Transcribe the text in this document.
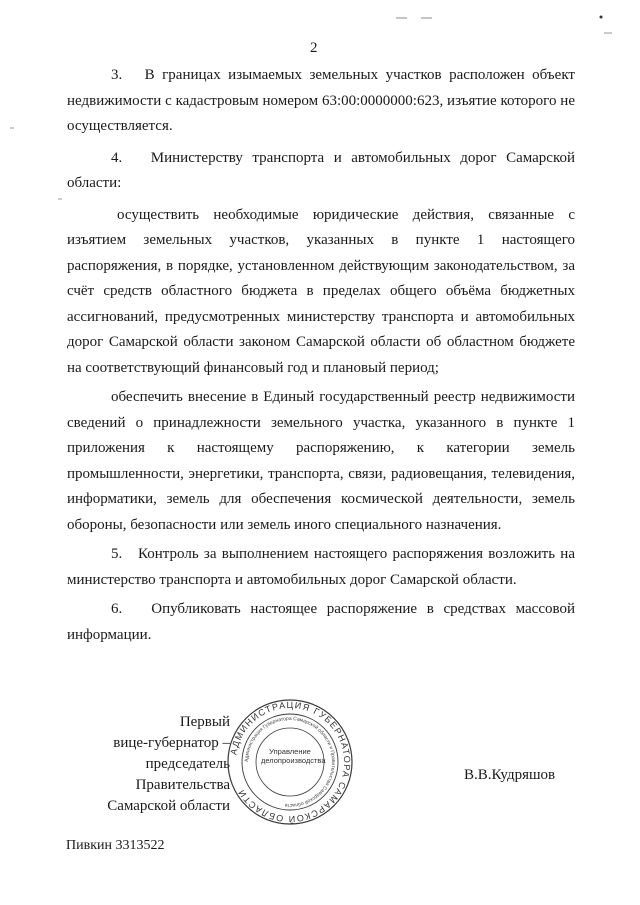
2

3.   В границах изымаемых земельных участков расположен объект недвижимости с кадастровым номером 63:00:0000000:623, изъятие которого не осуществляется.

4.   Министерству транспорта и автомобильных дорог Самарской области:

осуществить необходимые юридические действия, связанные с изъятием земельных участков, указанных в пункте 1 настоящего распоряжения, в порядке, установленном действующим законодательством, за счёт средств областного бюджета в пределах общего объёма бюджетных ассигнований, предусмотренных министерству транспорта и автомобильных дорог Самарской области законом Самарской области об областном бюджете на соответствующий финансовый год и плановый период;

обеспечить внесение в Единый государственный реестр недвижимости сведений о принадлежности земельного участка, указанного в пункте 1 приложения к настоящему распоряжению, к категории земель промышленности, энергетики, транспорта, связи, радиовещания, телевидения, информатики, земель для обеспечения космической деятельности, земель обороны, безопасности или земель иного специального назначения.

5.   Контроль за выполнением настоящего распоряжения возложить на министерство транспорта и автомобильных дорог Самарской области.

6.   Опубликовать настоящее распоряжение в средствах массовой информации.

Первый
вице-губернатор –
председатель Правительства
Самарской области
АДМИНИСТРАЦИЯ ГУБЕРНАТОРА САМАРСКОЙ ОБЛАСТИ
Администрация Губернатора Самарской области и Правительства Самарской области
Управление делопроизводства
В.В.Кудряшов
Пивкин 3313522
